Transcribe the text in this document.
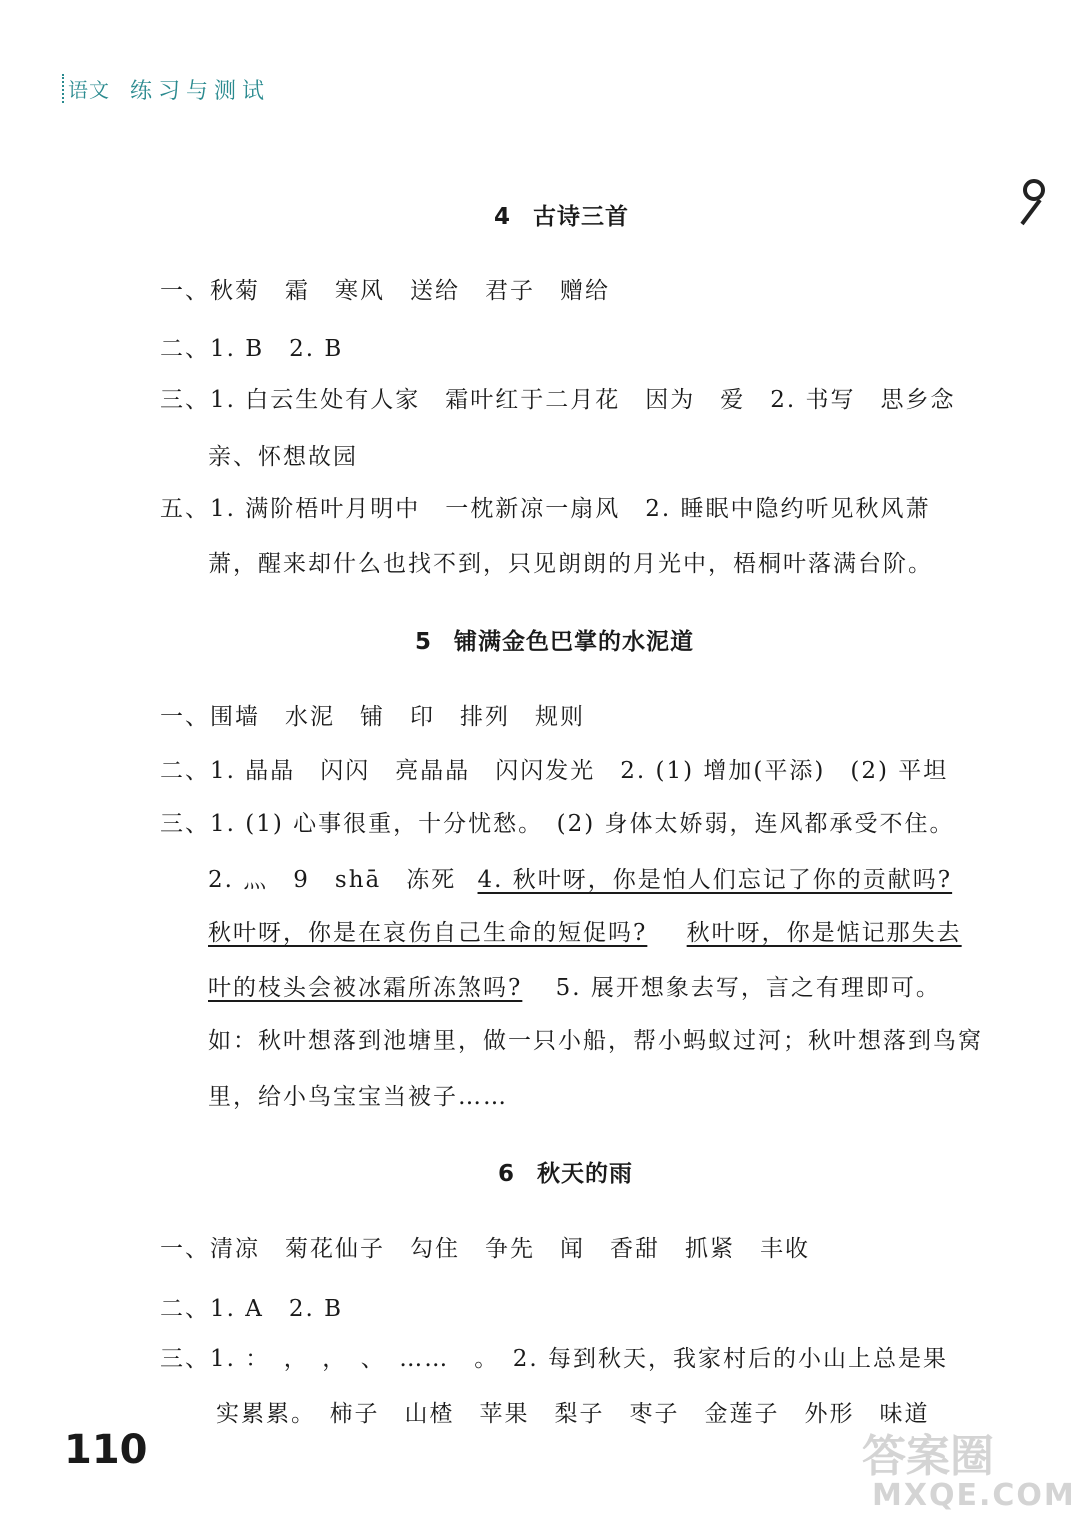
语文 练习与测试
4 古诗三首
一、秋菊　霜　寒风　送给　君子　赠给
二、1. B　2. B
三、1. 白云生处有人家　霜叶红于二月花　因为　爱　2. 书写　思乡念
亲、怀想故园
五、1. 满阶梧叶月明中　一枕新凉一扇风　2. 睡眠中隐约听见秋风萧
萧，醒来却什么也找不到，只见朗朗的月光中，梧桐叶落满台阶。
5 铺满金色巴掌的水泥道
一、围墙　水泥　铺　印　排列　规则
二、1. 晶晶　闪闪　亮晶晶　闪闪发光　2. (1) 增加(平添)　(2) 平坦
三、1. (1) 心事很重，十分忧愁。　(2) 身体太娇弱，连风都承受不住。
2. 灬　9　shā　冻死 4. 秋叶呀，你是怕人们忘记了你的贡献吗?
秋叶呀，你是在哀伤自己生命的短促吗? 秋叶呀，你是惦记那失去
叶的枝头会被冰霜所冻煞吗? 5. 展开想象去写，言之有理即可。
如：秋叶想落到池塘里，做一只小船，帮小蚂蚁过河；秋叶想落到鸟窝
里，给小鸟宝宝当被子……
6 秋天的雨
一、清凉　菊花仙子　勾住　争先　闻　香甜　抓紧　丰收
二、1. A　2. B
三、1. ：　，　，　、　……　。　2. 每到秋天，我家村后的小山上总是果
实累累。　柿子　山楂　苹果　梨子　枣子　金莲子　外形　味道
110	答案圈
MXQE.COM
